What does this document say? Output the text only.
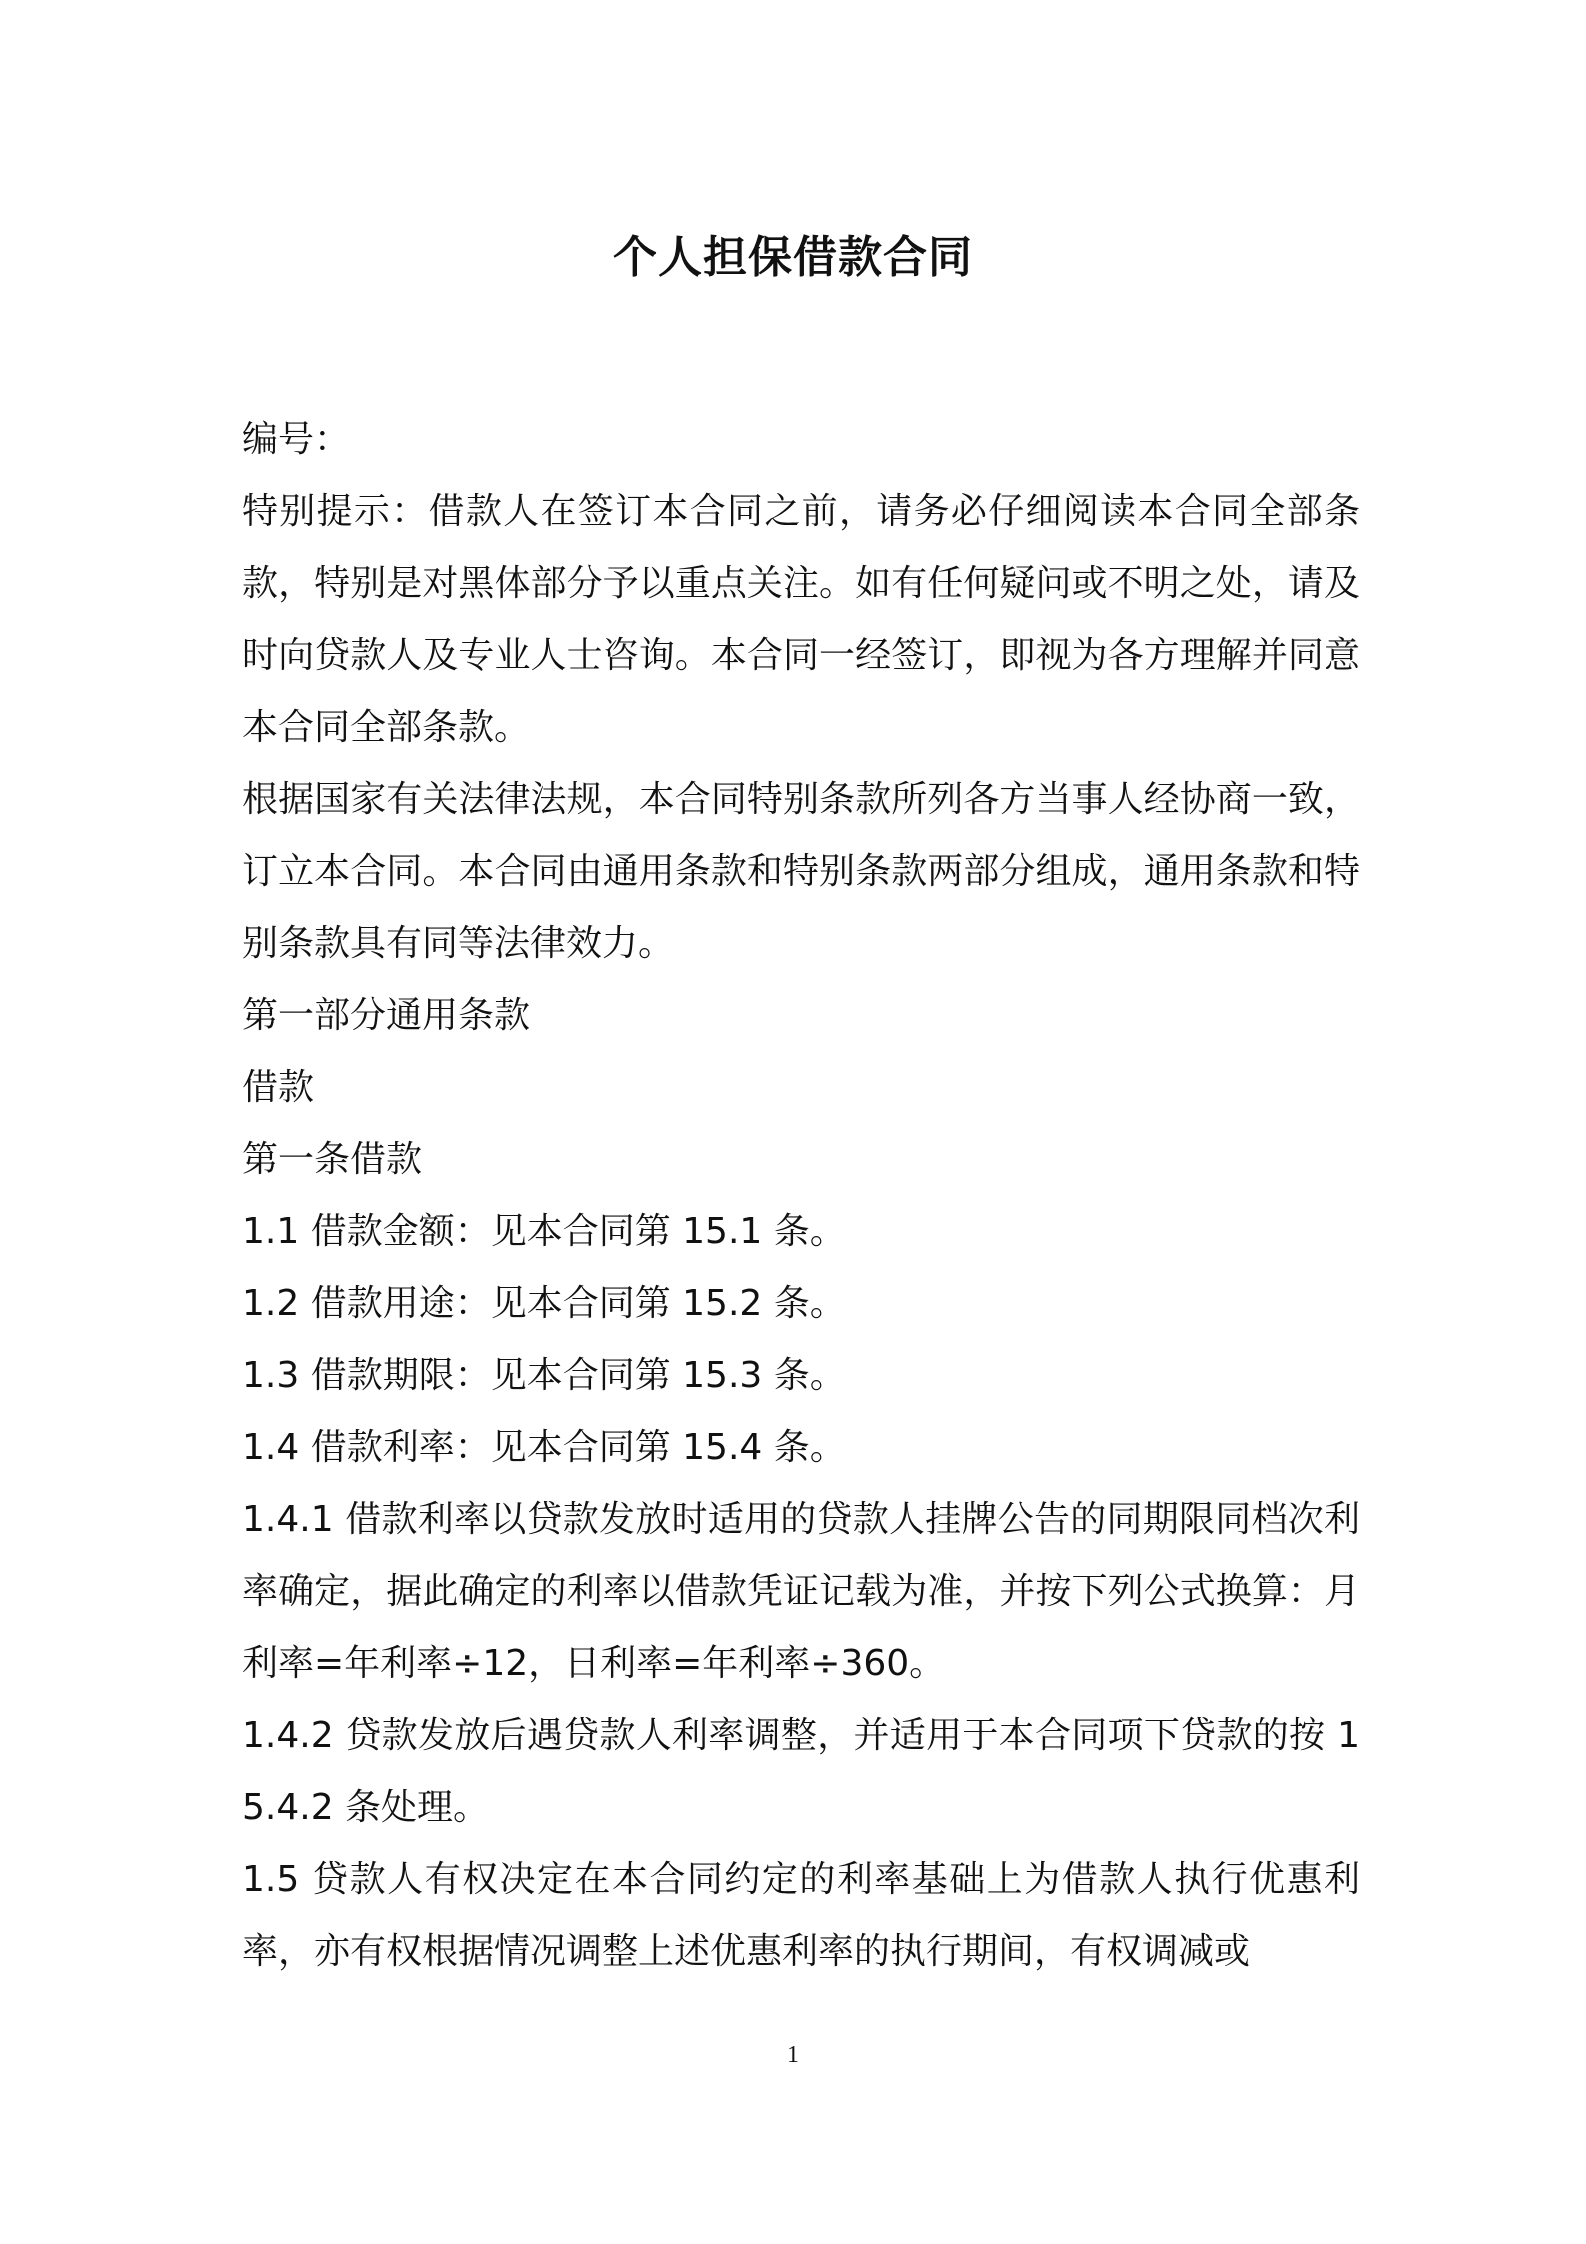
个人担保借款合同

编号：

特别提示：借款人在签订本合同之前，请务必仔细阅读本合同全部条款，特别是对黑体部分予以重点关注。如有任何疑问或不明之处，请及时向贷款人及专业人士咨询。本合同一经签订，即视为各方理解并同意本合同全部条款。

根据国家有关法律法规，本合同特别条款所列各方当事人经协商一致，订立本合同。本合同由通用条款和特别条款两部分组成，通用条款和特别条款具有同等法律效力。

第一部分通用条款

借款

第一条借款

1.1 借款金额：见本合同第 15.1 条。

1.2 借款用途：见本合同第 15.2 条。

1.3 借款期限：见本合同第 15.3 条。

1.4 借款利率：见本合同第 15.4 条。

1.4.1 借款利率以贷款发放时适用的贷款人挂牌公告的同期限同档次利率确定，据此确定的利率以借款凭证记载为准，并按下列公式换算：月利率=年利率÷12，日利率=年利率÷360。

1.4.2 贷款发放后遇贷款人利率调整，并适用于本合同项下贷款的按 15.4.2 条处理。

1.5 贷款人有权决定在本合同约定的利率基础上为借款人执行优惠利率，亦有权根据情况调整上述优惠利率的执行期间，有权调减或

1
